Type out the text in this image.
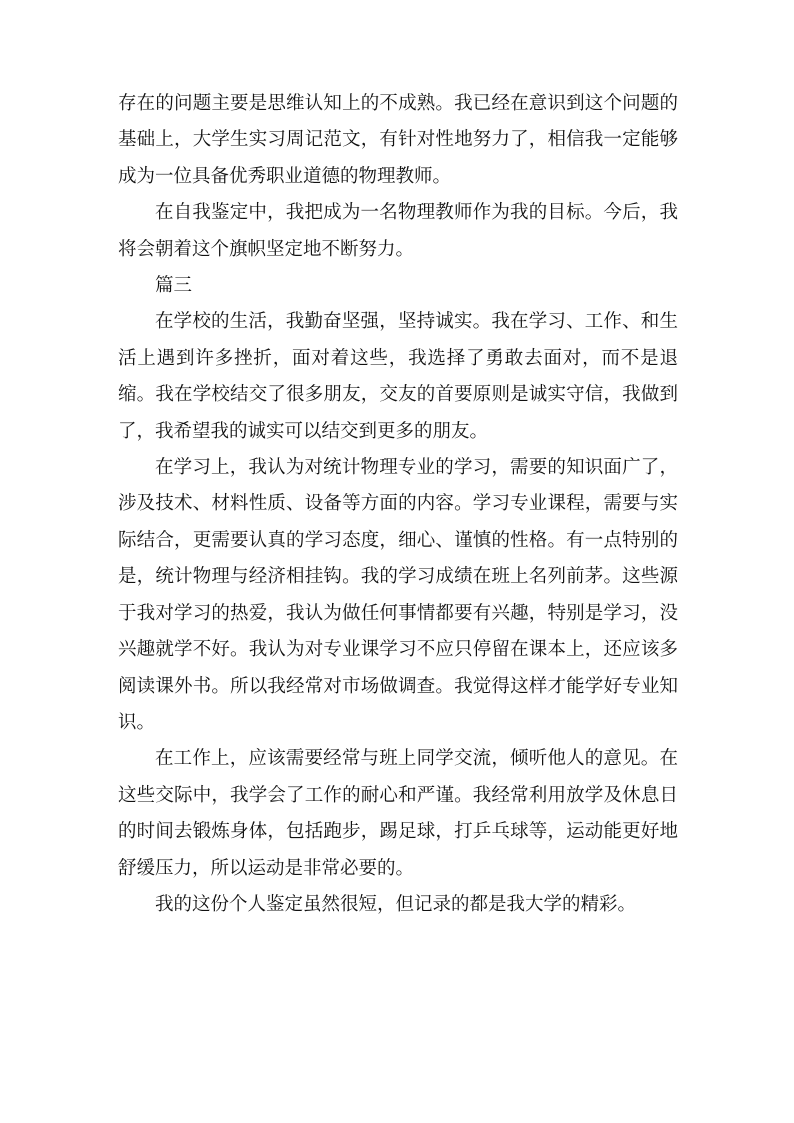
存在的问题主要是思维认知上的不成熟。我已经在意识到这个问题的基础上，大学生实习周记范文，有针对性地努力了，相信我一定能够成为一位具备优秀职业道德的物理教师。

在自我鉴定中，我把成为一名物理教师作为我的目标。今后，我将会朝着这个旗帜坚定地不断努力。

篇三

在学校的生活，我勤奋坚强，坚持诚实。我在学习、工作、和生活上遇到许多挫折，面对着这些，我选择了勇敢去面对，而不是退缩。我在学校结交了很多朋友，交友的首要原则是诚实守信，我做到了，我希望我的诚实可以结交到更多的朋友。

在学习上，我认为对统计物理专业的学习，需要的知识面广了，涉及技术、材料性质、设备等方面的内容。学习专业课程，需要与实际结合，更需要认真的学习态度，细心、谨慎的性格。有一点特别的是，统计物理与经济相挂钩。我的学习成绩在班上名列前茅。这些源于我对学习的热爱，我认为做任何事情都要有兴趣，特别是学习，没兴趣就学不好。我认为对专业课学习不应只停留在课本上，还应该多阅读课外书。所以我经常对市场做调查。我觉得这样才能学好专业知识。

在工作上，应该需要经常与班上同学交流，倾听他人的意见。在这些交际中，我学会了工作的耐心和严谨。我经常利用放学及休息日的时间去锻炼身体，包括跑步，踢足球，打乒乓球等，运动能更好地舒缓压力，所以运动是非常必要的。

我的这份个人鉴定虽然很短，但记录的都是我大学的精彩。
